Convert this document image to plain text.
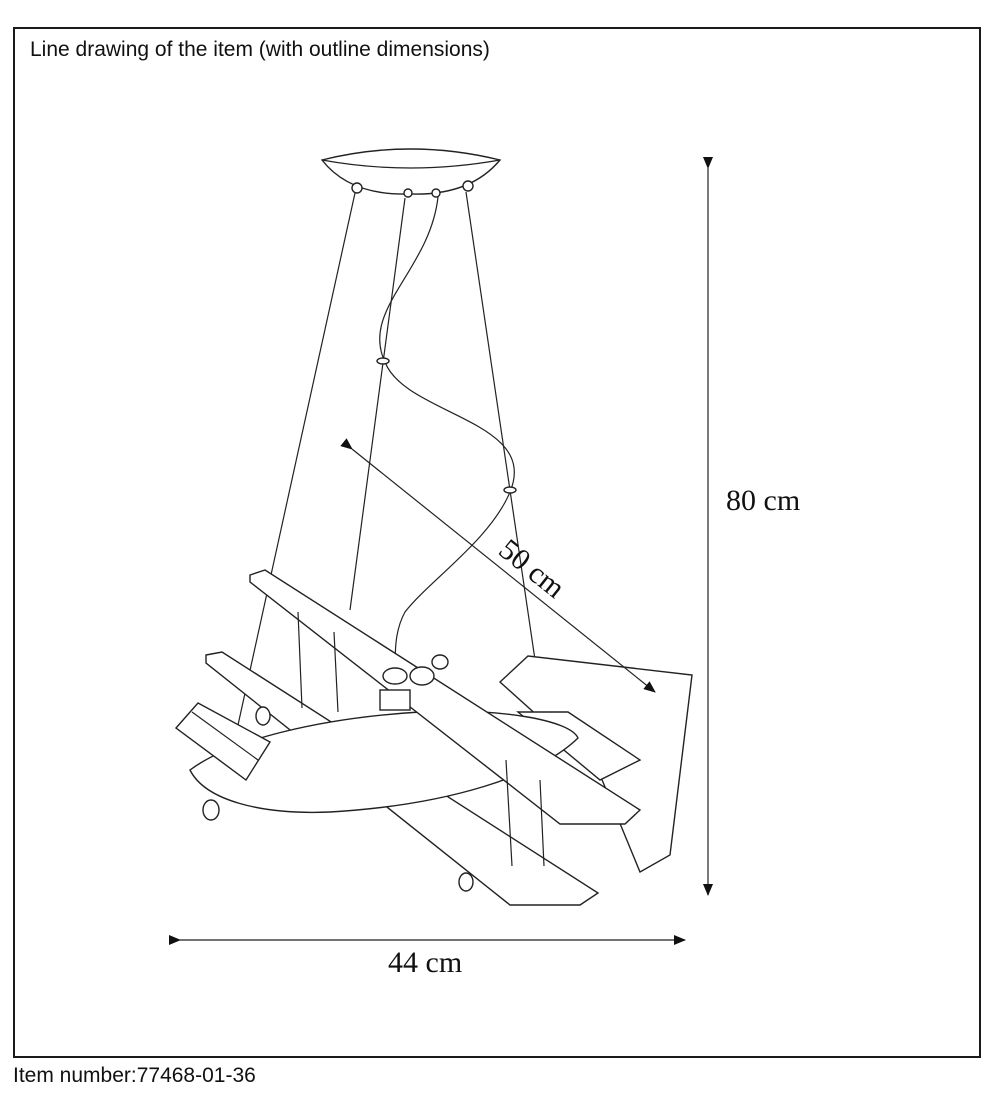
Line drawing of the item (with outline dimensions)
80 cm
44 cm
50 cm
Item number:77468-01-36
